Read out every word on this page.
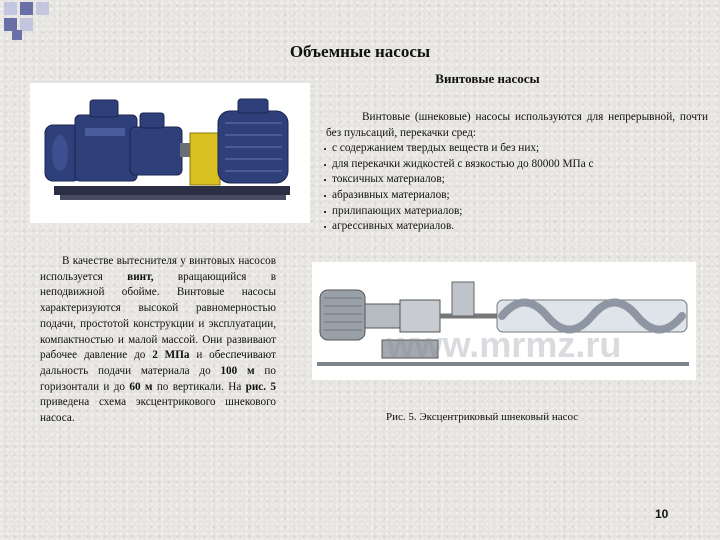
Объемные насосы
Винтовые насосы

Винтовые (шнековые) насосы используются для непрерывной, почти без пульсаций, перекачки сред:

с содержанием твердых веществ и без них;
для перекачки жидкостей с вязкостью до 80000 МПа с
токсичных материалов;
абразивных материалов;
прилипающих материалов;
агрессивных материалов.

В качестве вытеснителя у винтовых насосов используется винт, вращающийся в неподвижной обойме. Винтовые насосы характеризуются высокой равномерностью подачи, простотой конструкции и эксплуатации, компактностью и малой массой. Они развивают рабочее давление до 2 МПа и обеспечивают дальность подачи материала до 100 м по горизонтали и до 60 м по вертикали. На рис. 5 приведена схема эксцентрикового шнекового насоса.

www.mrmz.ru

Рис. 5. Эксцентриковый шнековый насос

10
